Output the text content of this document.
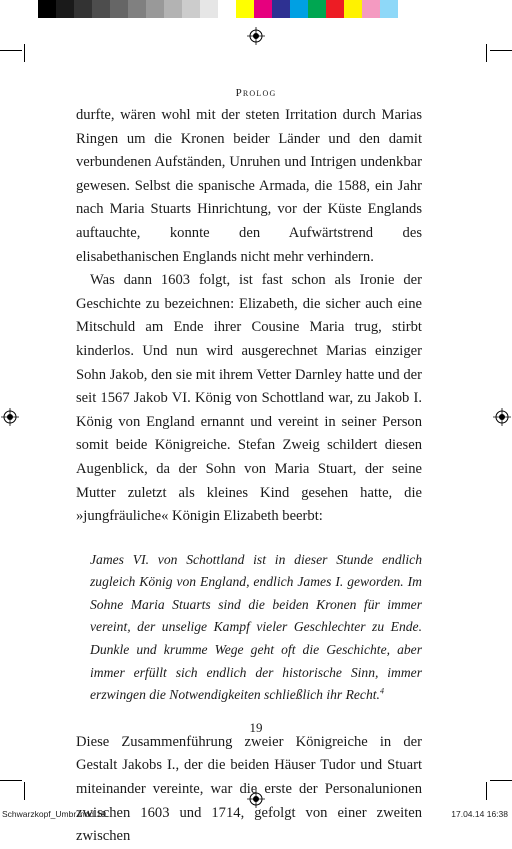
Prolog

durfte, wären wohl mit der steten Irritation durch Marias Ringen um die Kronen beider Länder und den damit verbundenen Aufständen, Unruhen und Intrigen undenkbar gewesen. Selbst die spanische Armada, die 1588, ein Jahr nach Maria Stuarts Hinrichtung, vor der Küste Englands auftauchte, konnte den Aufwärtstrend des elisabethanischen Englands nicht mehr verhindern.

Was dann 1603 folgt, ist fast schon als Ironie der Geschichte zu bezeichnen: Elizabeth, die sicher auch eine Mitschuld am Ende ihrer Cousine Maria trug, stirbt kinderlos. Und nun wird ausgerechnet Marias einziger Sohn Jakob, den sie mit ihrem Vetter Darnley hatte und der seit 1567 Jakob VI. König von Schottland war, zu Jakob I. König von England ernannt und vereint in seiner Person somit beide Königreiche. Stefan Zweig schildert diesen Augenblick, da der Sohn von Maria Stuart, der seine Mutter zuletzt als kleines Kind gesehen hatte, die »jungfräuliche« Königin Elizabeth beerbt:

James VI. von Schottland ist in dieser Stunde endlich zugleich König von England, endlich James I. geworden. Im Sohne Maria Stuarts sind die beiden Kronen für immer vereint, der unselige Kampf vieler Geschlechter zu Ende. Dunkle und krumme Wege geht oft die Geschichte, aber immer erfüllt sich endlich der historische Sinn, immer erzwingen die Notwendigkeiten schließlich ihr Recht.$^4$

Diese Zusammenführung zweier Königreiche in der Gestalt Jakobs I., der die beiden Häuser Tudor und Stuart miteinander vereinte, war die erste der Personalunionen zwischen 1603 und 1714, gefolgt von einer zweiten zwischen

19
Schwarzkopf_Umbr.indd 19	17.04.14 16:38
